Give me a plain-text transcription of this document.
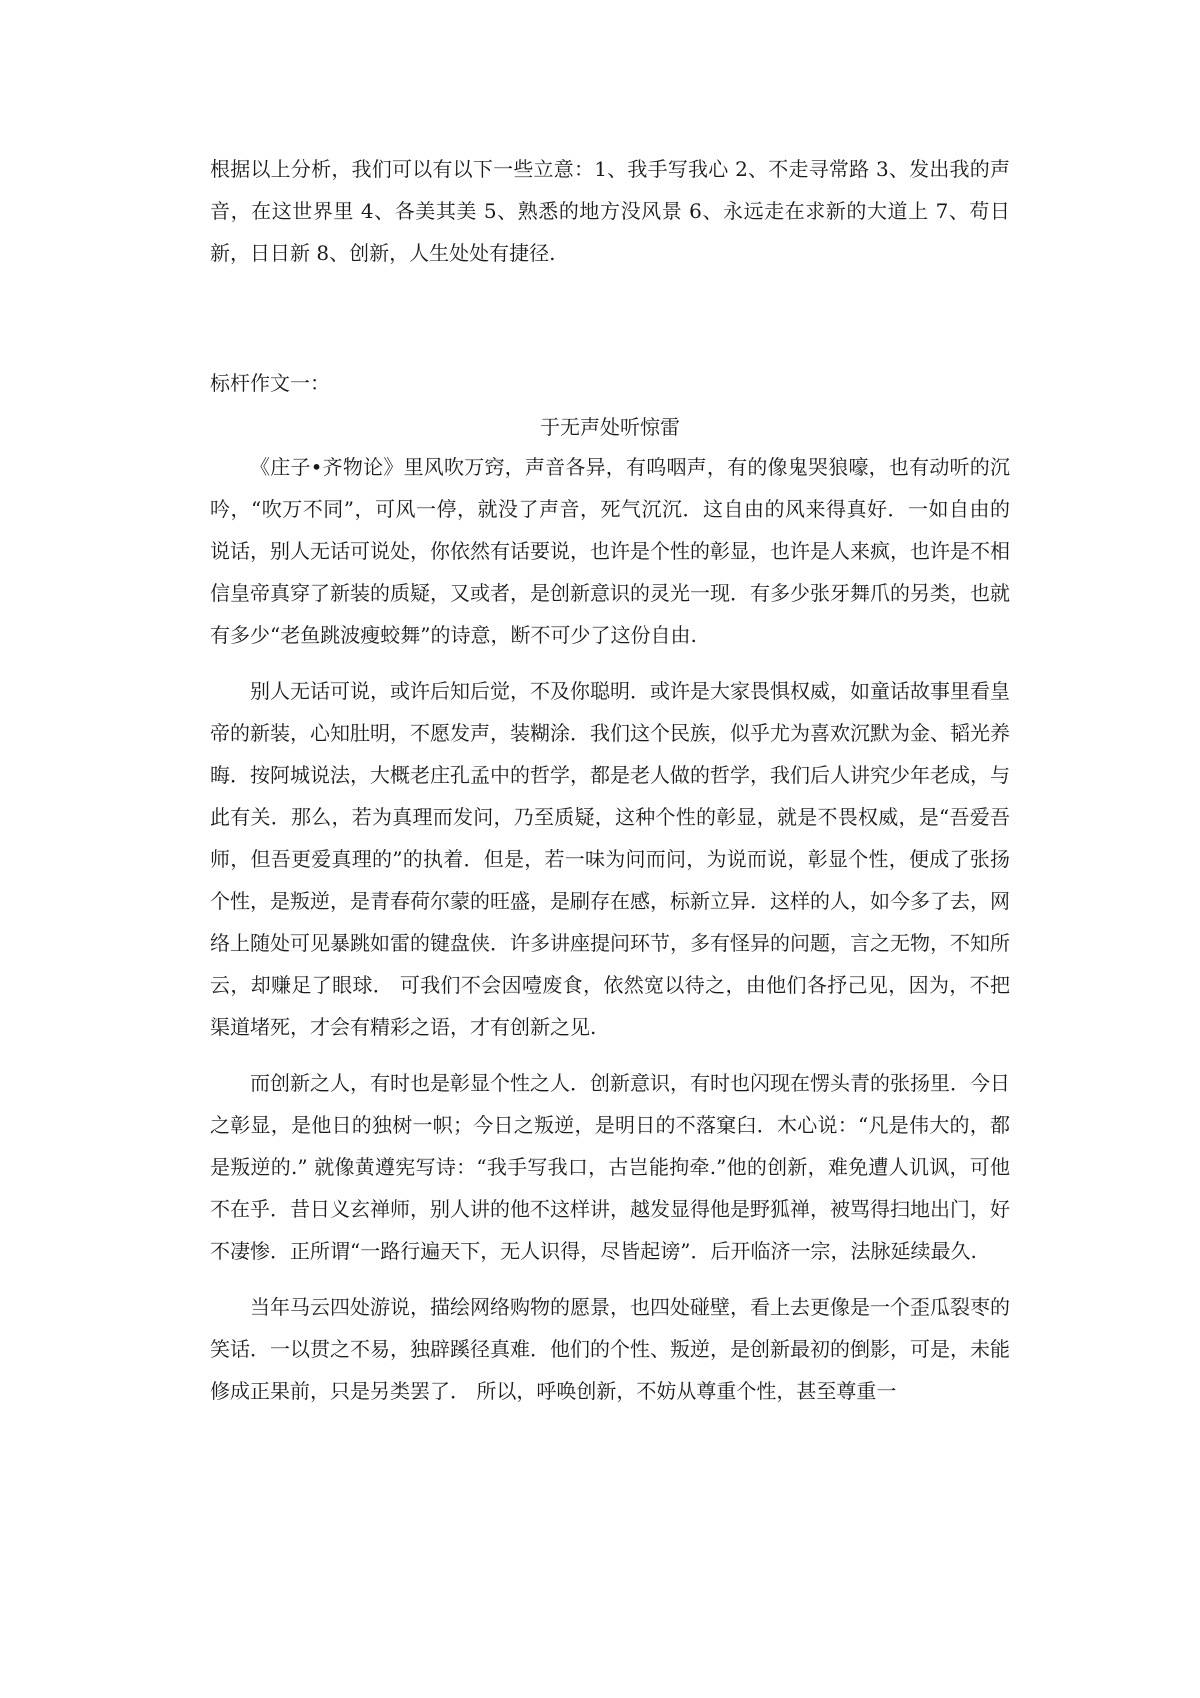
根据以上分析，我们可以有以下一些立意：1、我手写我心 2、不走寻常路 3、发出我的声音，在这世界里 4、各美其美 5、熟悉的地方没风景 6、永远走在求新的大道上 7、苟日新，日日新 8、创新，人生处处有捷径.

标杆作文一：

于无声处听惊雷

《庄子•齐物论》里风吹万窍，声音各异，有呜咽声，有的像鬼哭狼嚎，也有动听的沉吟，“吹万不同”，可风一停，就没了声音，死气沉沉．这自由的风来得真好．一如自由的说话，别人无话可说处，你依然有话要说，也许是个性的彰显，也许是人来疯，也许是不相信皇帝真穿了新装的质疑，又或者，是创新意识的灵光一现．有多少张牙舞爪的另类，也就有多少“老鱼跳波瘦蛟舞”的诗意，断不可少了这份自由.

别人无话可说，或许后知后觉，不及你聪明．或许是大家畏惧权威，如童话故事里看皇帝的新装，心知肚明，不愿发声，装糊涂．我们这个民族，似乎尤为喜欢沉默为金、韬光养晦．按阿城说法，大概老庄孔孟中的哲学，都是老人做的哲学，我们后人讲究少年老成，与此有关．那么，若为真理而发问，乃至质疑，这种个性的彰显，就是不畏权威，是“吾爱吾师，但吾更爱真理的”的执着．但是，若一味为问而问，为说而说，彰显个性，便成了张扬个性，是叛逆，是青春荷尔蒙的旺盛，是刷存在感，标新立异．这样的人，如今多了去，网络上随处可见暴跳如雷的键盘侠．许多讲座提问环节，多有怪异的问题，言之无物，不知所云，却赚足了眼球． 可我们不会因噎废食，依然宽以待之，由他们各抒己见，因为，不把渠道堵死，才会有精彩之语，才有创新之见.

而创新之人，有时也是彰显个性之人．创新意识，有时也闪现在愣头青的张扬里．今日之彰显，是他日的独树一帜；今日之叛逆，是明日的不落窠臼．木心说：“凡是伟大的，都是叛逆的.” 就像黄遵宪写诗：“我手写我口，古岂能拘牵.”他的创新，难免遭人讥讽，可他不在乎．昔日义玄禅师，别人讲的他不这样讲，越发显得他是野狐禅，被骂得扫地出门，好不凄惨．正所谓“一路行遍天下，无人识得，尽皆起谤”．后开临济一宗，法脉延续最久.

当年马云四处游说，描绘网络购物的愿景，也四处碰壁，看上去更像是一个歪瓜裂枣的笑话．一以贯之不易，独辟蹊径真难．他们的个性、叛逆，是创新最初的倒影，可是，未能修成正果前，只是另类罢了． 所以，呼唤创新，不妨从尊重个性，甚至尊重一
